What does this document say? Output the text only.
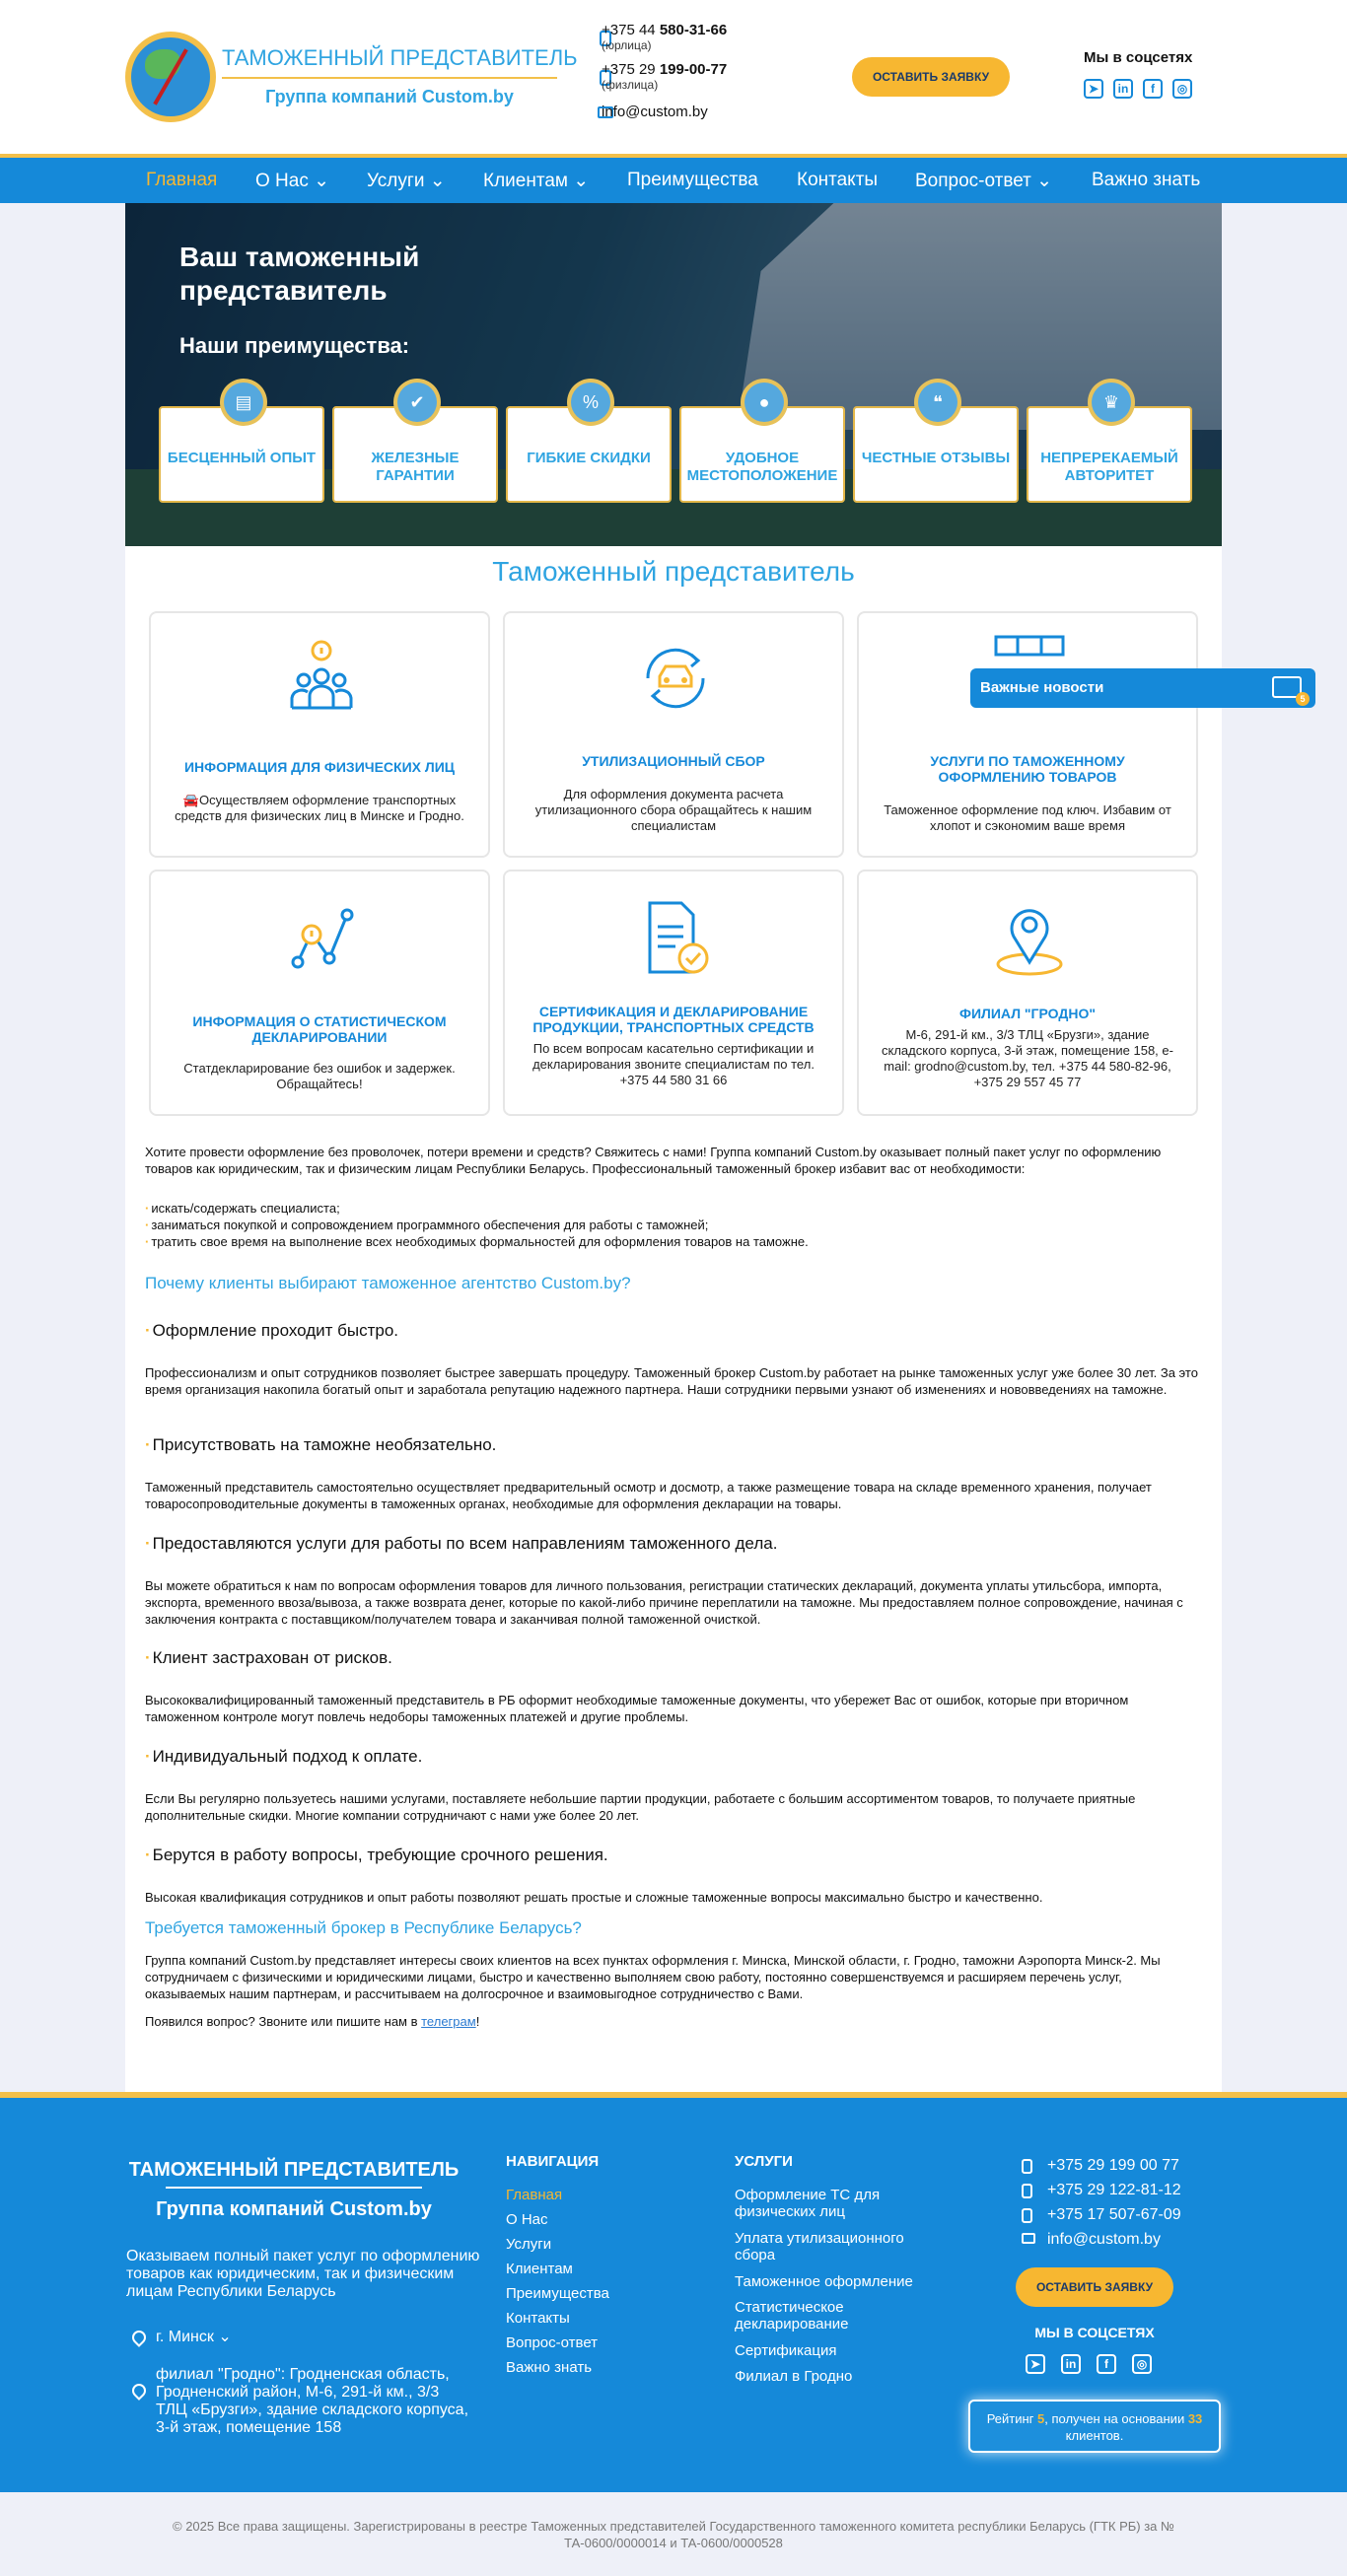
ТАМОЖЕННЫЙ ПРЕДСТАВИТЕЛЬ
Группа компаний Custom.by
+375 44 580-31-66
(юрлица)
+375 29 199-00-77
(физлица)
info@custom.by
ОСТАВИТЬ ЗАЯВКУ
Мы в соцсетях
➤	in	f	◎
Главная О Нас ⌄ Услуги ⌄ Клиентам ⌄ Преимущества Контакты Вопрос-ответ ⌄ Важно знать
Ваш таможенный представитель
Наши преимущества:
▤
БЕСЦЕННЫЙ ОПЫТ
✔
ЖЕЛЕЗНЫЕ ГАРАНТИИ
%
ГИБКИЕ СКИДКИ
●
УДОБНОЕ МЕСТОПОЛОЖЕНИЕ
❝
ЧЕСТНЫЕ ОТЗЫВЫ
♛
НЕПРЕРЕКАЕМЫЙ АВТОРИТЕТ
Таможенный представитель
ИНФОРМАЦИЯ ДЛЯ ФИЗИЧЕСКИХ ЛИЦ
🚘Осуществляем оформление транспортных средств для физических лиц в Минске и Гродно.
УТИЛИЗАЦИОННЫЙ СБОР
Для оформления документа расчета утилизационного сбора обращайтесь к нашим специалистам
УСЛУГИ ПО ТАМОЖЕННОМУ ОФОРМЛЕНИЮ ТОВАРОВ
Таможенное оформление под ключ. Избавим от хлопот и сэкономим ваше время
ИНФОРМАЦИЯ О СТАТИСТИЧЕСКОМ ДЕКЛАРИРОВАНИИ
Статдекларирование без ошибок и задержек. Обращайтесь!
СЕРТИФИКАЦИЯ И ДЕКЛАРИРОВАНИЕ ПРОДУКЦИИ, ТРАНСПОРТНЫХ СРЕДСТВ
По всем вопросам касательно сертификации и декларирования звоните специалистам по тел. +375 44 580 31 66
ФИЛИАЛ "ГРОДНО"
М-6, 291-й км., 3/3 ТЛЦ «Брузги», здание складского корпуса, 3-й этаж, помещение 158, e-mail: grodno@custom.by, тел. +375 44 580-82-96, +375 29 557 45 77
Хотите провести оформление без проволочек, потери времени и средств? Свяжитесь с нами! Группа компаний Custom.by оказывает полный пакет услуг по оформлению товаров как юридическим, так и физическим лицам Республики Беларусь. Профессиональный таможенный брокер избавит вас от необходимости:
· искать/содержать специалиста;
· заниматься покупкой и сопровождением программного обеспечения для работы с таможней;
· тратить свое время на выполнение всех необходимых формальностей для оформления товаров на таможне.
Почему клиенты выбирают таможенное агентство Custom.by?
· Оформление проходит быстро.
Профессионализм и опыт сотрудников позволяет быстрее завершать процедуру. Таможенный брокер Custom.by работает на рынке таможенных услуг уже более 30 лет. За это время организация накопила богатый опыт и заработала репутацию надежного партнера. Наши сотрудники первыми узнают об изменениях и нововведениях на таможне.
· Присутствовать на таможне необязательно.
Таможенный представитель самостоятельно осуществляет предварительный осмотр и досмотр, а также размещение товара на складе временного хранения, получает товаросопроводительные документы в таможенных органах, необходимые для оформления декларации на товары.
· Предоставляются услуги для работы по всем направлениям таможенного дела.
Вы можете обратиться к нам по вопросам оформления товаров для личного пользования, регистрации статических деклараций, документа уплаты утильсбора, импорта, экспорта, временного ввоза/вывоза, а также возврата денег, которые по какой-либо причине переплатили на таможне. Мы предоставляем полное сопровождение, начиная с заключения контракта с поставщиком/получателем товара и заканчивая полной таможенной очисткой.
· Клиент застрахован от рисков.
Высококвалифицированный таможенный представитель в РБ оформит необходимые таможенные документы, что убережет Вас от ошибок, которые при вторичном таможенном контроле могут повлечь недоборы таможенных платежей и другие проблемы.
· Индивидуальный подход к оплате.
Если Вы регулярно пользуетесь нашими услугами, поставляете небольшие партии продукции, работаете с большим ассортиментом товаров, то получаете приятные дополнительные скидки. Многие компании сотрудничают с нами уже более 20 лет.
· Берутся в работу вопросы, требующие срочного решения.
Высокая квалификация сотрудников и опыт работы позволяют решать простые и сложные таможенные вопросы максимально быстро и качественно.
Требуется таможенный брокер в Республике Беларусь?
Группа компаний Custom.by представляет интересы своих клиентов на всех пунктах оформления г. Минска, Минской области, г. Гродно, таможни Аэропорта Минск-2. Мы сотрудничаем с физическими и юридическими лицами, быстро и качественно выполняем свою работу, постоянно совершенствуемся и расширяем перечень услуг, оказываемых нашим партнерам, и рассчитываем на долгосрочное и взаимовыгодное сотрудничество с Вами.
Появился вопрос? Звоните или пишите нам в телеграм!
Важные новости
5
ТАМОЖЕННЫЙ ПРЕДСТАВИТЕЛЬ
Группа компаний Custom.by
Оказываем полный пакет услуг по оформлению товаров как юридическим, так и физическим лицам Республики Беларусь
г. Минск ⌄
филиал "Гродно": Гродненская область, Гродненский район, М-6, 291-й км., 3/3 ТЛЦ «Брузги», здание складского корпуса, 3-й этаж, помещение 158
НАВИГАЦИЯ
Главная
О Нас
Услуги
Клиентам
Преимущества
Контакты
Вопрос-ответ
Важно знать
УСЛУГИ
Оформление ТС для физических лиц
Уплата утилизационного сбора
Таможенное оформление
Статистическое декларирование
Сертификация
Филиал в Гродно
+375 29 199 00 77
+375 29 122-81-12
+375 17 507-67-09
info@custom.by
ОСТАВИТЬ ЗАЯВКУ
МЫ В СОЦСЕТЯХ
➤	in	f	◎
Рейтинг 5, получен на основании 33 клиентов.
© 2025 Все права защищены. Зарегистрированы в реестре Таможенных представителей Государственного таможенного комитета республики Беларусь (ГТК РБ) за № ТА-0600/0000014 и ТА-0600/0000528
